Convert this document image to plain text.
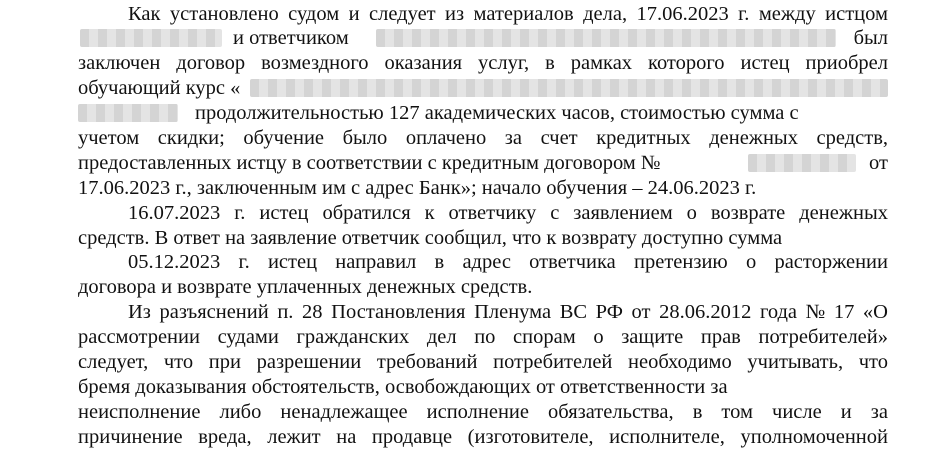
Как установлено судом и следует из материалов дела, 17.06.2023 г. между истцом
и ответчиком	был
заключен договор возмездного оказания услуг, в рамках которого истец приобрел
обучающий курс «
продолжительностью 127 академических часов, стоимостью сумма с
учетом скидки; обучение было оплачено за счет кредитных денежных средств,
предоставленных истцу в соответствии с кредитным договором №	от
17.06.2023 г., заключенным им с адрес Банк»; начало обучения – 24.06.2023 г.
16.07.2023 г. истец обратился к ответчику с заявлением о возврате денежных
средств. В ответ на заявление ответчик сообщил, что к возврату доступно сумма
05.12.2023 г. истец направил в адрес ответчика претензию о расторжении
договора и возврате уплаченных денежных средств.
Из разъяснений п. 28 Постановления Пленума ВС РФ от 28.06.2012 года № 17 «О
рассмотрении судами гражданских дел по спорам о защите прав потребителей»
следует, что при разрешении требований потребителей необходимо учитывать, что
бремя доказывания обстоятельств, освобождающих от ответственности за
неисполнение либо ненадлежащее исполнение обязательства, в том числе и за
причинение вреда, лежит на продавце (изготовителе, исполнителе, уполномоченной
